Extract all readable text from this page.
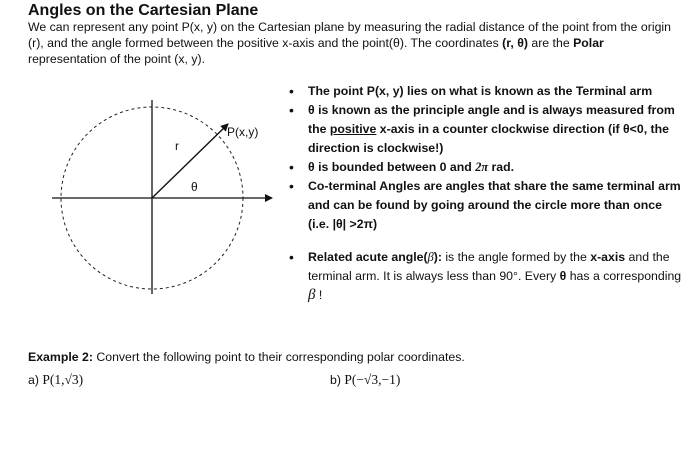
Angles on the Cartesian Plane
We can represent any point P(x, y) on the Cartesian plane by measuring the radial distance of the point from the origin (r), and the angle formed between the positive x-axis and the point(θ). The coordinates (r, θ) are the Polar representation of the point (x, y).
P(x,y)
r
θ
• The point P(x, y) lies on what is known as the Terminal arm
• θ is known as the principle angle and is always measured from the positive x-axis in a counter clockwise direction (if θ<0, the direction is clockwise!)
• θ is bounded between 0 and 2π rad.
• Co-terminal Angles are angles that share the same terminal arm and can be found by going around the circle more than once (i.e. |θ| >2π)
• Related acute angle(β): is the angle formed by the x-axis and the terminal arm. It is always less than 90°. Every θ has a corresponding β !
Example 2: Convert the following point to their corresponding polar coordinates.
a) P(1,√3)	b) P(−√3,−1)
